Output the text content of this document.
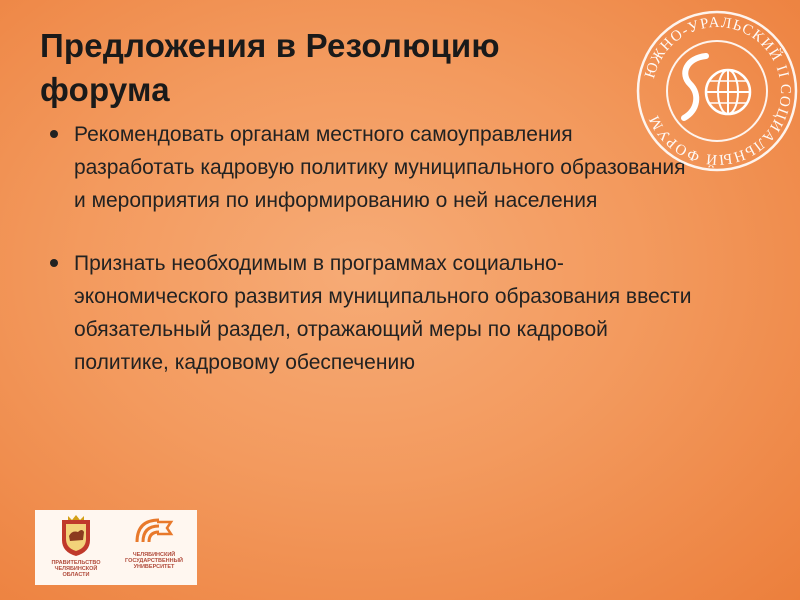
Предложения в Резолюцию форума
Рекомендовать органам местного самоуправления разработать кадровую политику муниципального образования и мероприятия по информированию о ней населения
Признать необходимым в программах социально-экономического развития муниципального образования ввести обязательный раздел, отражающий меры по кадровой политике, кадровому обеспечению
ЮЖНО-УРАЛЬСКИЙ II СОЦИАЛЬНЫЙ ФОРУМ
ПРАВИТЕЛЬСТВО
ЧЕЛЯБИНСКОЙ ОБЛАСТИ
ЧЕЛЯБИНСКИЙ
ГОСУДАРСТВЕННЫЙ
УНИВЕРСИТЕТ
